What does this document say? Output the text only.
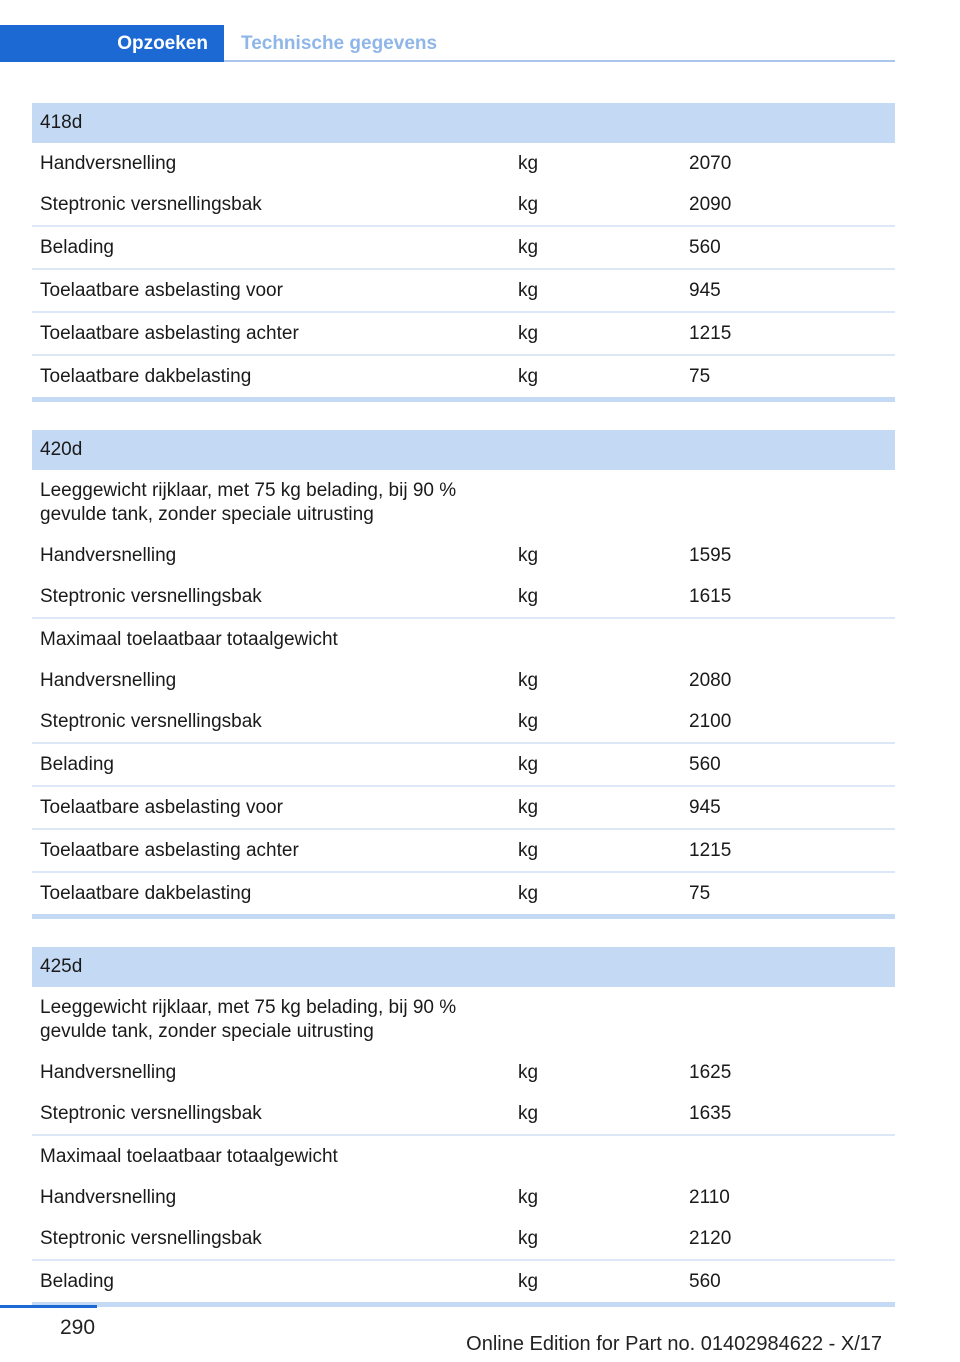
Opzoeken Technische gegevens
418d
Handversnelling	kg	2070
Steptronic versnellingsbak	kg	2090
Belading	kg	560
Toelaatbare asbelasting voor	kg	945
Toelaatbare asbelasting achter	kg	1215
Toelaatbare dakbelasting	kg	75
420d
Leeggewicht rijklaar, met 75 kg belading, bij 90 % gevulde tank, zonder speciale uitrusting
Handversnelling	kg	1595
Steptronic versnellingsbak	kg	1615
Maximaal toelaatbaar totaalgewicht
Handversnelling	kg	2080
Steptronic versnellingsbak	kg	2100
Belading	kg	560
Toelaatbare asbelasting voor	kg	945
Toelaatbare asbelasting achter	kg	1215
Toelaatbare dakbelasting	kg	75
425d
Leeggewicht rijklaar, met 75 kg belading, bij 90 % gevulde tank, zonder speciale uitrusting
Handversnelling	kg	1625
Steptronic versnellingsbak	kg	1635
Maximaal toelaatbaar totaalgewicht
Handversnelling	kg	2110
Steptronic versnellingsbak	kg	2120
Belading	kg	560
290
Online Edition for Part no. 01402984622 - X/17
